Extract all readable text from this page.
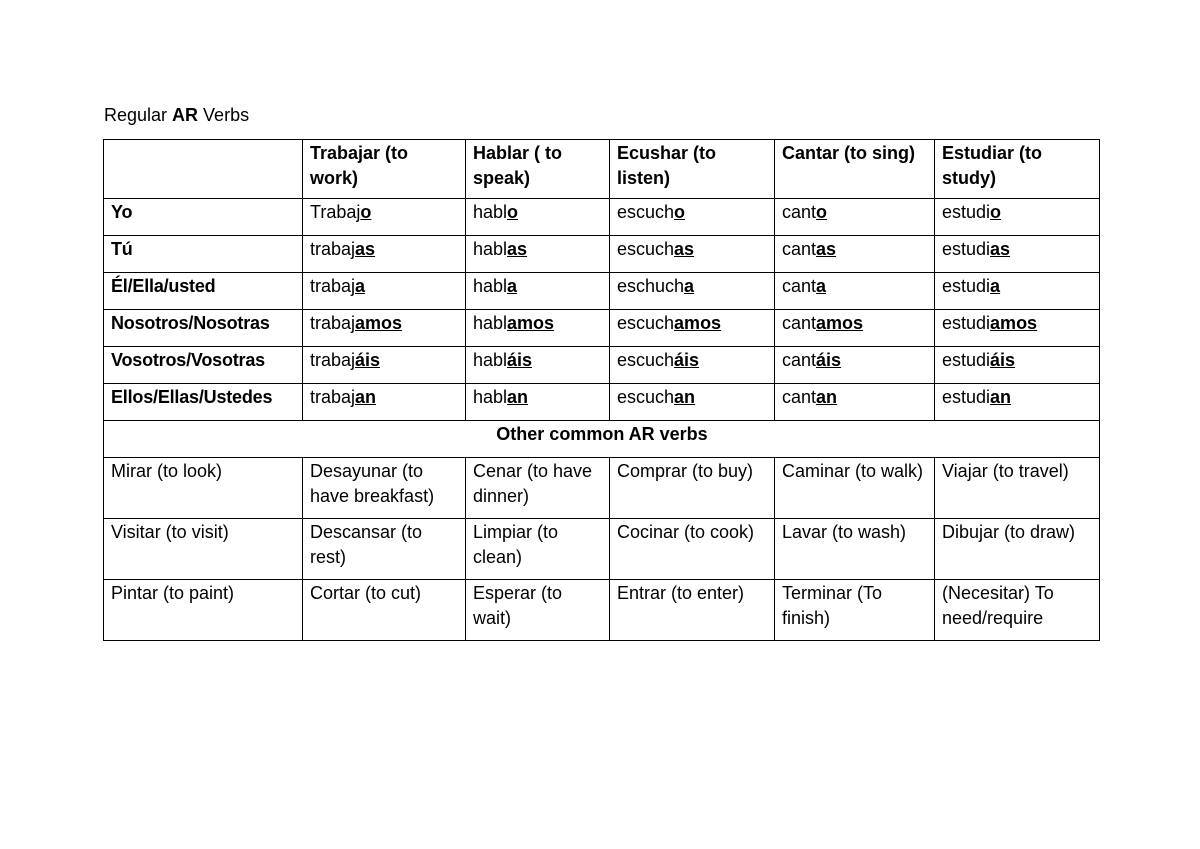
Regular AR Verbs
	Trabajar (to work)	Hablar ( to speak)	Ecushar (to listen)	Cantar (to sing)	Estudiar (to study)
Yo	Trabajo	hablo	escucho	canto	estudio
Tú	trabajas	hablas	escuchas	cantas	estudias
Él/Ella/usted	trabaja	habla	eschucha	canta	estudia
Nosotros/Nosotras	trabajamos	hablamos	escuchamos	cantamos	estudiamos
Vosotros/Vosotras	trabajáis	habláis	escucháis	cantáis	estudiáis
Ellos/Ellas/Ustedes	trabajan	hablan	escuchan	cantan	estudian
Other common AR verbs					
Mirar (to look)	Desayunar (to have breakfast)	Cenar (to have dinner)	Comprar (to buy)	Caminar (to walk)	Viajar (to travel)
Visitar (to visit)	Descansar (to rest)	Limpiar (to clean)	Cocinar (to cook)	Lavar (to wash)	Dibujar (to draw)
Pintar (to paint)	Cortar (to cut)	Esperar (to wait)	Entrar (to enter)	Terminar (To finish)	(Necesitar) To need/require
